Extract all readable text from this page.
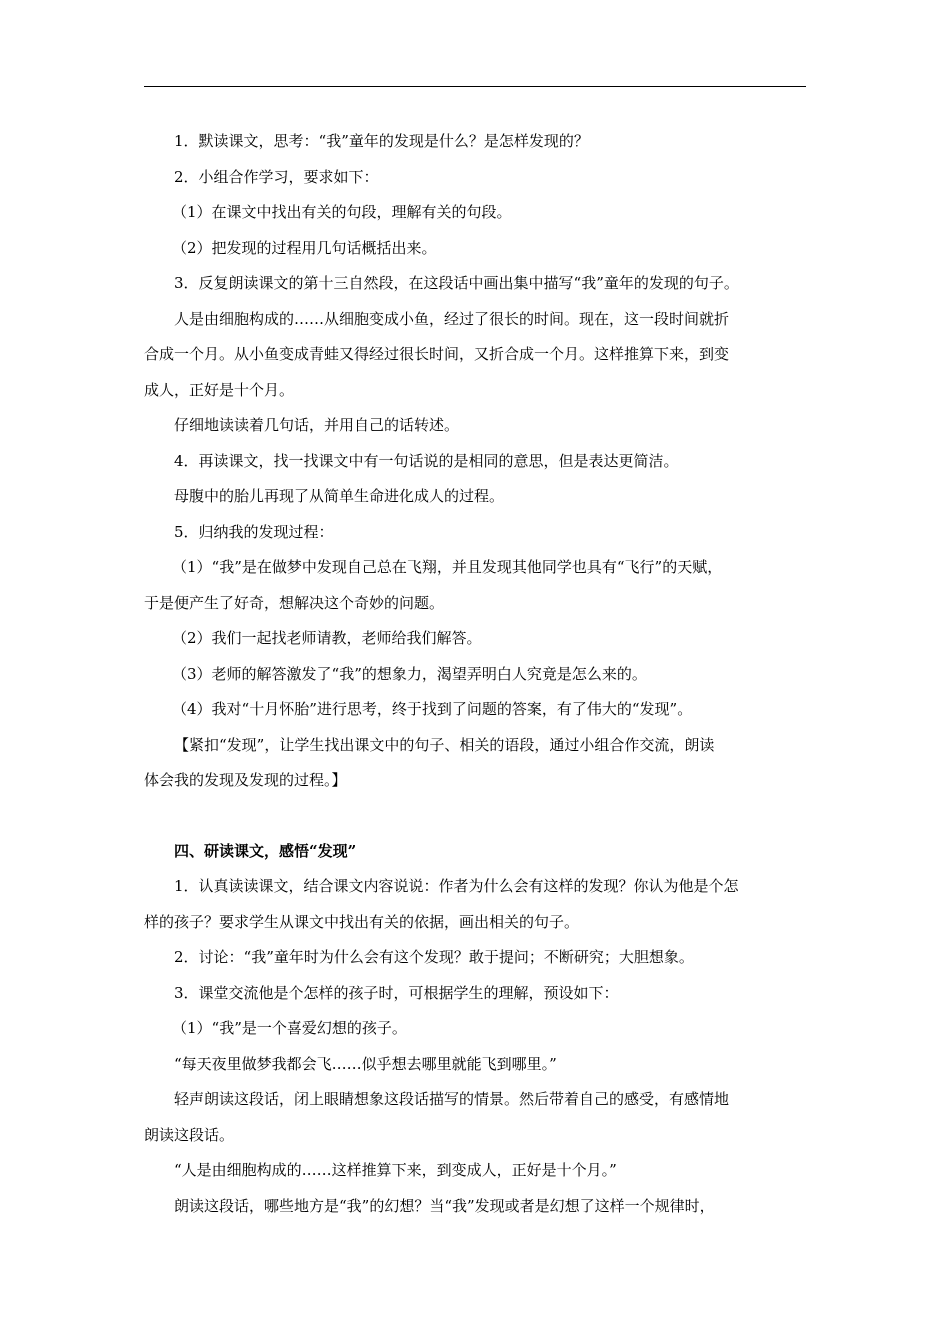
1．默读课文，思考：“我”童年的发现是什么？是怎样发现的？
2．小组合作学习，要求如下：
（1）在课文中找出有关的句段，理解有关的句段。
（2）把发现的过程用几句话概括出来。
3．反复朗读课文的第十三自然段，在这段话中画出集中描写“我”童年的发现的句子。
人是由细胞构成的……从细胞变成小鱼，经过了很长的时间。现在，这一段时间就折
合成一个月。从小鱼变成青蛙又得经过很长时间，又折合成一个月。这样推算下来，到变
成人，正好是十个月。
仔细地读读着几句话，并用自己的话转述。
4．再读课文，找一找课文中有一句话说的是相同的意思，但是表达更简洁。
母腹中的胎儿再现了从简单生命进化成人的过程。
5．归纳我的发现过程：
（1）“我”是在做梦中发现自己总在飞翔，并且发现其他同学也具有“飞行”的天赋，
于是便产生了好奇，想解决这个奇妙的问题。
（2）我们一起找老师请教，老师给我们解答。
（3）老师的解答激发了“我”的想象力，渴望弄明白人究竟是怎么来的。
（4）我对“十月怀胎”进行思考，终于找到了问题的答案，有了伟大的“发现”。
【紧扣“发现”，让学生找出课文中的句子、相关的语段，通过小组合作交流，朗读
体会我的发现及发现的过程。】
四、研读课文，感悟“发现”
1．认真读读课文，结合课文内容说说：作者为什么会有这样的发现？你认为他是个怎
样的孩子？要求学生从课文中找出有关的依据，画出相关的句子。
2．讨论：“我”童年时为什么会有这个发现？敢于提问；不断研究；大胆想象。
3．课堂交流他是个怎样的孩子时，可根据学生的理解，预设如下：
（1）“我”是一个喜爱幻想的孩子。
“每天夜里做梦我都会飞……似乎想去哪里就能飞到哪里。”
轻声朗读这段话，闭上眼睛想象这段话描写的情景。然后带着自己的感受，有感情地
朗读这段话。
“人是由细胞构成的……这样推算下来，到变成人，正好是十个月。”
朗读这段话，哪些地方是“我”的幻想？当“我”发现或者是幻想了这样一个规律时，
